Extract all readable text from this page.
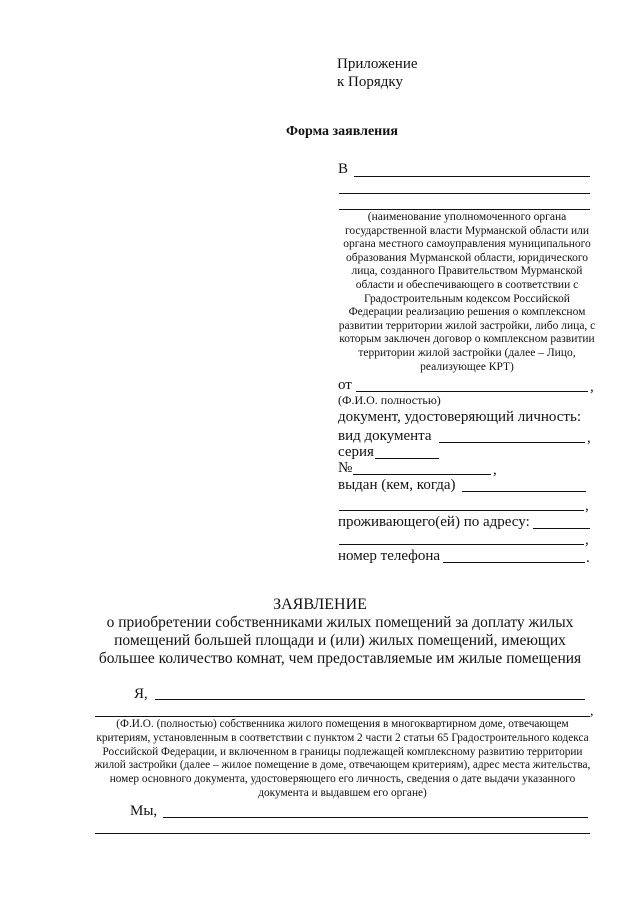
Приложение
к Порядку
Форма заявления
В
(наименование уполномоченного органа государственной власти Мурманской области или органа местного самоуправления муниципального образования Мурманской области, юридического лица, созданного Правительством Мурманской области и обеспечивающего в соответствии с Градостроительным кодексом Российской Федерации реализацию решения о комплексном развитии территории жилой застройки, либо лица, с которым заключен договор о комплексном развитии территории жилой застройки (далее – Лицо, реализующее КРТ)
от	,
(Ф.И.О. полностью)
документ, удостоверяющий личность:
вид документа	,
серия
№	,
выдан (кем, когда)
,
проживающего(ей) по адресу:
,
номер телефона	.
ЗАЯВЛЕНИЕ
о приобретении собственниками жилых помещений за доплату жилых помещений большей площади и (или) жилых помещений, имеющих большее количество комнат, чем предоставляемые им жилые помещения
Я,
,
(Ф.И.О. (полностью) собственника жилого помещения в многоквартирном доме, отвечающем критериям, установленным в соответствии с пунктом 2 части 2 статьи 65 Градостроительного кодекса Российской Федерации, и включенном в границы подлежащей комплексному развитию территории жилой застройки (далее – жилое помещение в доме, отвечающем критериям), адрес места жительства, номер основного документа, удостоверяющего его личность, сведения о дате выдачи указанного документа и выдавшем его органе)
Мы,
